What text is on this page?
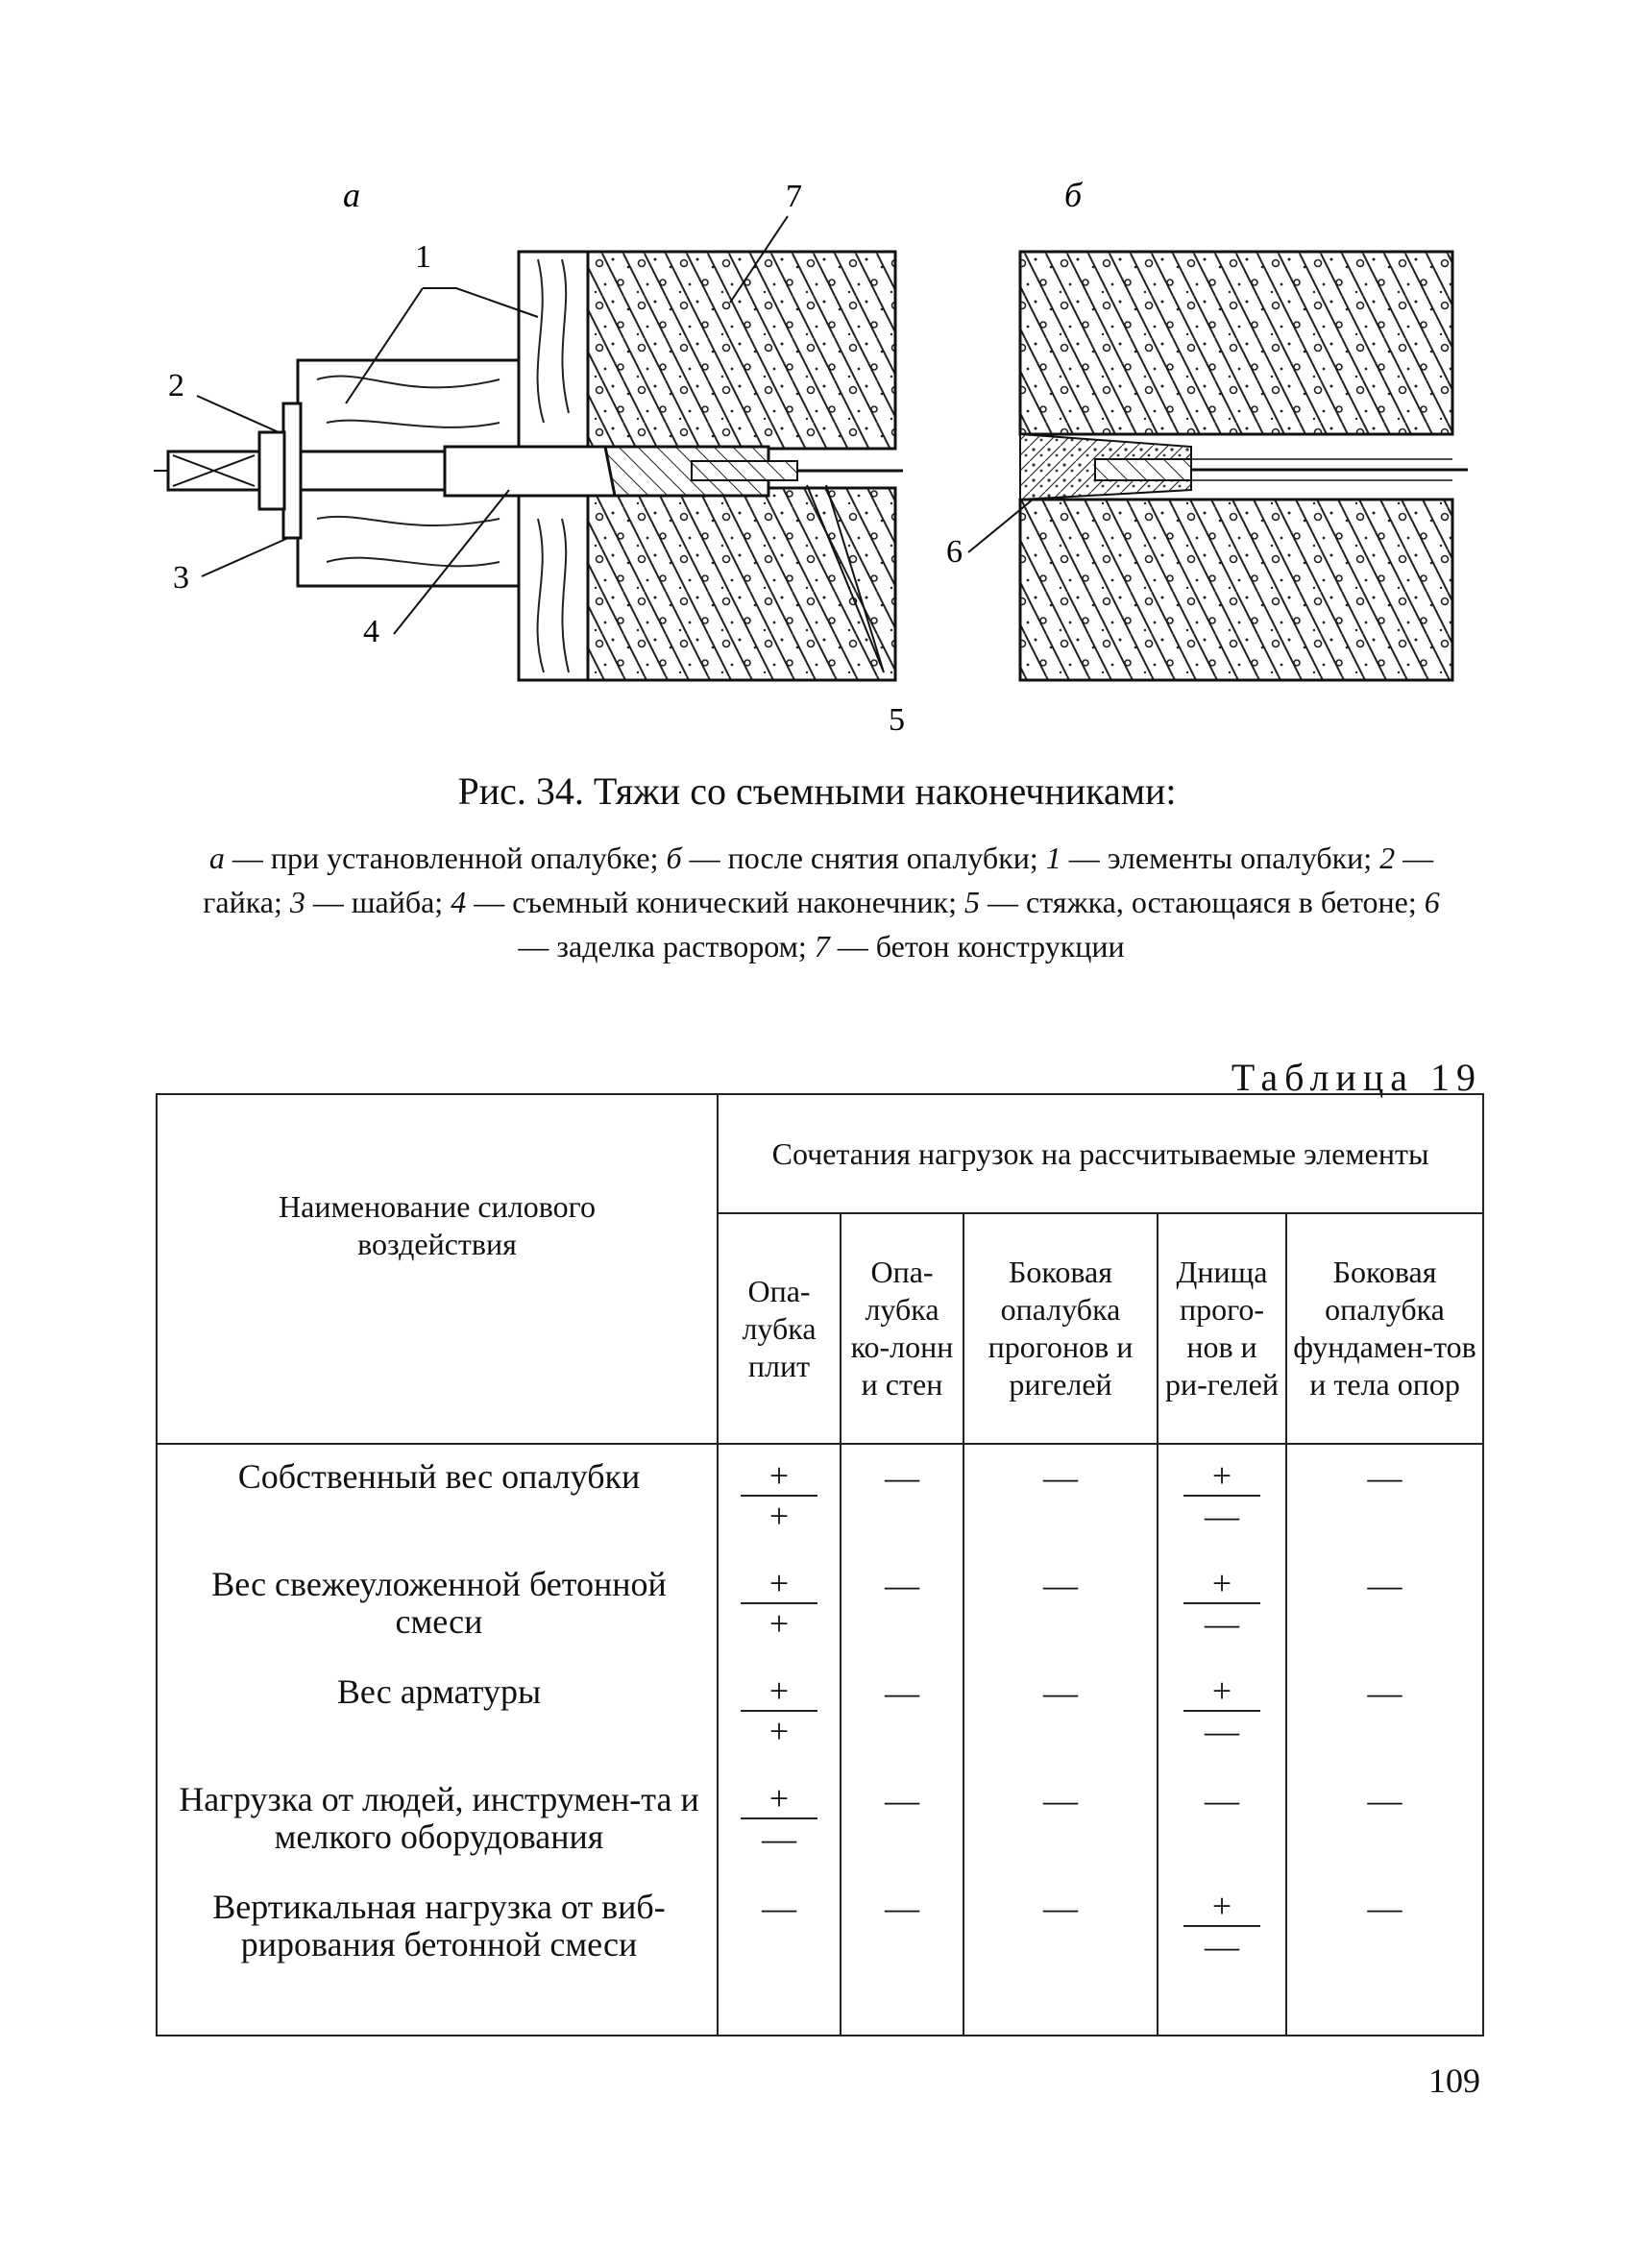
а	б
1
2
3
4
5
6
7
Рис. 34. Тяжи со съемными наконечниками:
а — при установленной опалубке; б — после снятия опалубки; 1 — элементы опалубки; 2 — гайка; 3 — шайба; 4 — съемный конический наконечник; 5 — стяжка, остающаяся в бетоне; 6 — заделка раствором; 7 — бетон конструкции
Таблица 19
Наименование силового воздействия	Сочетания нагрузок на рассчитываемые элементы				
	Опа-лубка плит	Опа-лубка ко-лонн и стен	Боковая опалубка прогонов и ригелей	Днища прого-нов и ри-гелей	Боковая опалубка фундамен-тов и тела опор
Собственный вес опалубки	$\frac{+}{+}$	—	—	$\frac{+}{—}$	—
Вес свежеуложенной бетонной смеси	$\frac{+}{+}$	—	—	$\frac{+}{—}$	—
Вес арматуры	$\frac{+}{+}$	—	—	$\frac{+}{—}$	—
Нагрузка от людей, инструмен-та и мелкого оборудования	$\frac{+}{—}$	—	—	—	—
Вертикальная нагрузка от виб-рирования бетонной смеси	—	—	—	$\frac{+}{—}$	—
109
